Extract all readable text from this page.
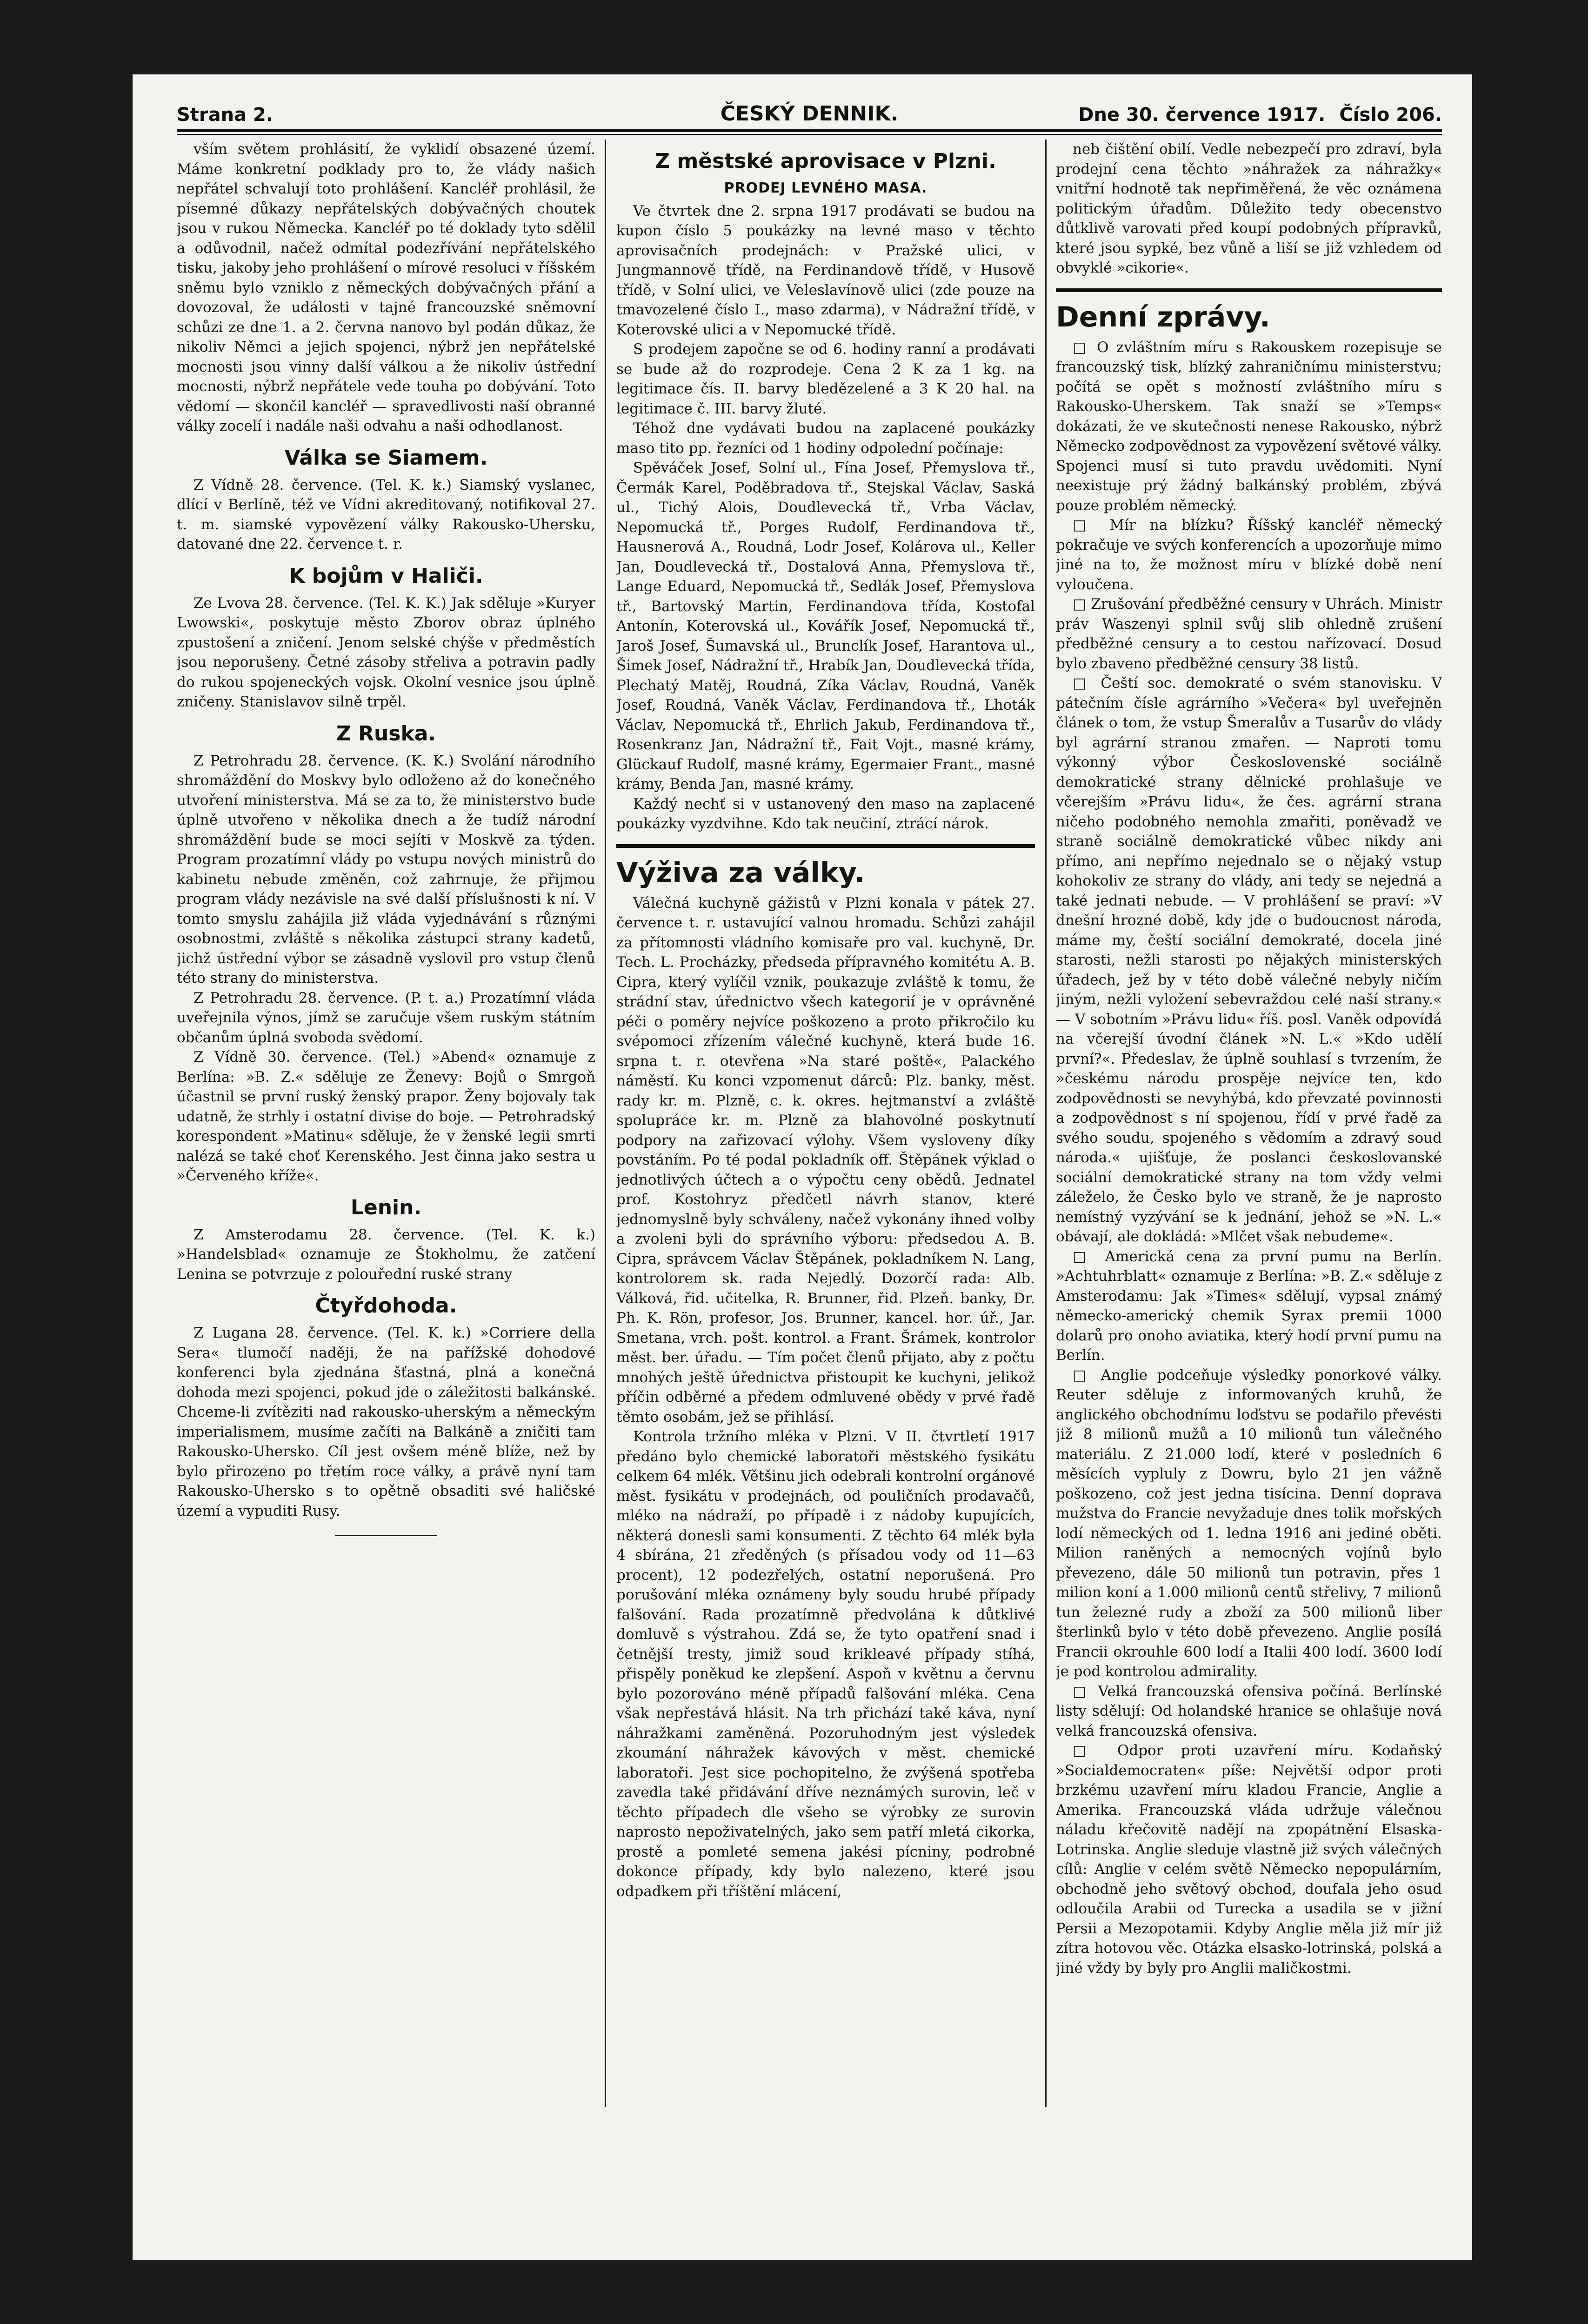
Strana 2.	ČESKÝ DENNIK.	Dne 30. července 1917. Číslo 206.

vším světem prohlásití, že vyklidí obsazené území. Máme konkretní podklady pro to, že vlády našich nepřátel schvalují toto prohlášení. Kancléř prohlásil, že písemné důkazy nepřátelských dobývačných choutek jsou v rukou Německa. Kancléř po té doklady tyto sdělil a odůvodnil, načež odmítal podezřívání nepřátelského tisku, jakoby jeho prohlášení o mírové resoluci v říšském sněmu bylo vzniklo z německých dobývačných přání a dovozoval, že události v tajné francouzské sněmovní schůzi ze dne 1. a 2. června nanovo byl podán důkaz, že nikoliv Němci a jejich spojenci, nýbrž jen nepřátelské mocnosti jsou vinny další válkou a že nikoliv ústřední mocnosti, nýbrž nepřátele vede touha po dobývání. Toto vědomí — skončil kancléř — spravedlivosti naší obranné války zocelí i nadále naši odvahu a naši odhodlanost.

Válka se Siamem.

Z Vídně 28. července. (Tel. K. k.) Siamský vyslanec, dlící v Berlíně, též ve Vídni akreditovaný, notifikoval 27. t. m. siamské vypovězení války Rakousko-Uhersku, datované dne 22. července t. r.

K bojům v Haliči.

Ze Lvova 28. července. (Tel. K. K.) Jak sděluje »Kuryer Lwowski«, poskytuje město Zborov obraz úplného zpustošení a zničení. Jenom selské chýše v předměstích jsou neporušeny. Četné zásoby střeliva a potravin padly do rukou spojeneckých vojsk. Okolní vesnice jsou úplně zničeny. Stanislavov silně trpěl.

Z Ruska.

Z Petrohradu 28. července. (K. K.) Svolání národního shromáždění do Moskvy bylo odloženo až do konečného utvoření ministerstva. Má se za to, že ministerstvo bude úplně utvořeno v několika dnech a že tudíž národní shromáždění bude se moci sejíti v Moskvě za týden. Program prozatímní vlády po vstupu nových ministrů do kabinetu nebude změněn, což zahrnuje, že přijmou program vlády nezávisle na své další příslušnosti k ní. V tomto smyslu zahájila již vláda vyjednávání s různými osobnostmi, zvláště s několika zástupci strany kadetů, jichž ústřední výbor se zásadně vyslovil pro vstup členů této strany do ministerstva.

Z Petrohradu 28. července. (P. t. a.) Prozatímní vláda uveřejnila výnos, jímž se zaručuje všem ruským státním občanům úplná svoboda svědomí.

Z Vídně 30. července. (Tel.) »Abend« oznamuje z Berlína: »B. Z.« sděluje ze Ženevy: Bojů o Smrgoň účastnil se první ruský ženský prapor. Ženy bojovaly tak udatně, že strhly i ostatní divise do boje. — Petrohradský korespondent »Matinu« sděluje, že v ženské legii smrti nalézá se také choť Kerenského. Jest činna jako sestra u »Červeného kříže«.

Lenin.

Z Amsterodamu 28. července. (Tel. K. k.) »Handelsblad« oznamuje ze Štokholmu, že zatčení Lenina se potvrzuje z polouřední ruské strany

Čtyřdohoda.

Z Lugana 28. července. (Tel. K. k.) »Corriere della Sera« tlumočí naději, že na pařížské dohodové konferenci byla zjednána šťastná, plná a konečná dohoda mezi spojenci, pokud jde o záležitosti balkánské. Chceme-li zvítěziti nad rakousko-uherským a německým imperialismem, musíme začíti na Balkáně a zničiti tam Rakousko-Uhersko. Cíl jest ovšem méně blíže, než by bylo přirozeno po třetím roce války, a právě nyní tam Rakousko-Uhersko s to opětně obsaditi své haličské území a vypuditi Rusy.

Z městské aprovisace v Plzni.
PRODEJ LEVNÉHO MASA.

Ve čtvrtek dne 2. srpna 1917 prodávati se budou na kupon číslo 5 poukázky na levné maso v těchto aprovisačních prodejnách: v Pražské ulici, v Jungmannově třídě, na Ferdinandově třídě, v Husově třídě, v Solní ulici, ve Veleslavínově ulici (zde pouze na tmavozelené číslo I., maso zdarma), v Nádražní třídě, v Koterovské ulici a v Nepomucké třídě.

S prodejem započne se od 6. hodiny ranní a prodávati se bude až do rozprodeje. Cena 2 K za 1 kg. na legitimace čís. II. barvy bledězelené a 3 K 20 hal. na legitimace č. III. barvy žluté.

Téhož dne vydávati budou na zaplacené poukázky maso tito pp. řezníci od 1 hodiny odpolední počínaje:

Spěváček Josef, Solní ul., Fína Josef, Přemyslova tř., Čermák Karel, Poděbradova tř., Stejskal Václav, Saská ul., Tichý Alois, Doudlevecká tř., Vrba Václav, Nepomucká tř., Porges Rudolf, Ferdinandova tř., Hausnerová A., Roudná, Lodr Josef, Kolárova ul., Keller Jan, Doudlevecká tř., Dostalová Anna, Přemyslova tř., Lange Eduard, Nepomucká tř., Sedlák Josef, Přemyslova tř., Bartovský Martin, Ferdinandova třída, Kostofal Antonín, Koterovská ul., Kovářík Josef, Nepomucká tř., Jaroš Josef, Šumavská ul., Brunclík Josef, Harantova ul., Šimek Josef, Nádražní tř., Hrabík Jan, Doudlevecká třída, Plechatý Matěj, Roudná, Zíka Václav, Roudná, Vaněk Josef, Roudná, Vaněk Václav, Ferdinandova tř., Lhoták Václav, Nepomucká tř., Ehrlich Jakub, Ferdinandova tř., Rosenkranz Jan, Nádražní tř., Fait Vojt., masné krámy, Glückauf Rudolf, masné krámy, Egermaier Frant., masné krámy, Benda Jan, masné krámy.

Každý nechť si v ustanovený den maso na zaplacené poukázky vyzdvihne. Kdo tak neučiní, ztrácí nárok.

Výživa za války.

Válečná kuchyně gážistů v Plzni konala v pátek 27. července t. r. ustavující valnou hromadu. Schůzi zahájil za přítomnosti vládního komisaře pro val. kuchyně, Dr. Tech. L. Procházky, předseda přípravného komitétu A. B. Cipra, který vylíčil vznik, poukazuje zvláště k tomu, že strádní stav, úřednictvo všech kategorií je v oprávněné péči o poměry nejvíce poškozeno a proto přikročilo ku svépomoci zřízením válečné kuchyně, která bude 16. srpna t. r. otevřena »Na staré poště«, Palackého náměstí. Ku konci vzpomenut dárců: Plz. banky, měst. rady kr. m. Plzně, c. k. okres. hejtmanství a zvláště spolupráce kr. m. Plzně za blahovolné poskytnutí podpory na zařizovací výlohy. Všem vysloveny díky povstáním. Po té podal pokladník off. Štěpánek výklad o jednotlivých účtech a o výpočtu ceny obědů. Jednatel prof. Kostohryz předčetl návrh stanov, které jednomyslně byly schváleny, načež vykonány ihned volby a zvoleni byli do správního výboru: předsedou A. B. Cipra, správcem Václav Štěpánek, pokladníkem N. Lang, kontrolorem sk. rada Nejedlý. Dozorčí rada: Alb. Válková, řid. učitelka, R. Brunner, řid. Plzeň. banky, Dr. Ph. K. Rön, profesor, Jos. Brunner, kancel. hor. úř., Jar. Smetana, vrch. pošt. kontrol. a Frant. Šrámek, kontrolor měst. ber. úřadu. — Tím počet členů přijato, aby z počtu mnohých ještě úřednictva přistoupit ke kuchyni, jelikož příčin odběrné a předem odmluvené obědy v prvé řadě těmto osobám, jež se přihlásí.

Kontrola tržního mléka v Plzni. V II. čtvrtletí 1917 předáno bylo chemické laboratoři městského fysikátu celkem 64 mlék. Většinu jich odebrali kontrolní orgánové měst. fysikátu v prodejnách, od pouličních prodavačů, mléko na nádraží, po případě i z nádoby kupujících, některá donesli sami konsumenti. Z těchto 64 mlék byla 4 sbírána, 21 zředěných (s přísadou vody od 11—63 procent), 12 podezřelých, ostatní neporušená. Pro porušování mléka oznámeny byly soudu hrubé případy falšování. Rada prozatímně předvolána k důtklivé domluvě s výstrahou. Zdá se, že tyto opatření snad i četnější tresty, jimiž soud krikleavé případy stíhá, přispěly poněkud ke zlepšení. Aspoň v květnu a červnu bylo pozorováno méně případů falšování mléka. Cena však nepřestává hlásit. Na trh přichází také káva, nyní náhražkami zaměněná. Pozoruhodným jest výsledek zkoumání náhražek kávových v měst. chemické laboratoři. Jest sice pochopitelno, že zvýšená spotřeba zavedla také přidávání dříve neznámých surovin, leč v těchto případech dle všeho se výrobky ze surovin naprosto nepoživatelných, jako sem patří mletá cikorka, prostě a pomleté semena jakési pícniny, podrobné dokonce případy, kdy bylo nalezeno, které jsou odpadkem při tříštění mlácení,

neb čištění obilí. Vedle nebezpečí pro zdraví, byla prodejní cena těchto »náhražek za náhražky« vnitřní hodnotě tak nepřiměřená, že věc oznámena politickým úřadům. Důležito tedy obecenstvo důtklivě varovati před koupí podobných přípravků, které jsou sypké, bez vůně a liší se již vzhledem od obvyklé »cikorie«.

Denní zprávy.

□ O zvláštním míru s Rakouskem rozepisuje se francouzský tisk, blízký zahraničnímu ministerstvu; počítá se opět s možností zvláštního míru s Rakousko-Uherskem. Tak snaží se »Temps« dokázati, že ve skutečnosti nenese Rakousko, nýbrž Německo zodpovědnost za vypovězení světové války. Spojenci musí si tuto pravdu uvědomiti. Nyní neexistuje prý žádný balkánský problém, zbývá pouze problém německý.

□ Mír na blízku? Říšský kancléř německý pokračuje ve svých konferencích a upozorňuje mimo jiné na to, že možnost míru v blízké době není vyloučena.

□ Zrušování předběžné censury v Uhrách. Ministr práv Waszenyi splnil svůj slib ohledně zrušení předběžné censury a to cestou nařízovací. Dosud bylo zbaveno předběžné censury 38 listů.

□ Čeští soc. demokraté o svém stanovisku. V pátečním čísle agrárního »Večera« byl uveřejněn článek o tom, že vstup Šmeralův a Tusarův do vlády byl agrární stranou zmařen. — Naproti tomu výkonný výbor Československé sociálně demokratické strany dělnické prohlašuje ve včerejším »Právu lidu«, že čes. agrární strana ničeho podobného nemohla zmařiti, poněvadž ve straně sociálně demokratické vůbec nikdy ani přímo, ani nepřímo nejednalo se o nějaký vstup kohokoliv ze strany do vlády, ani tedy se nejedná a také jednati nebude. — V prohlášení se praví: »V dnešní hrozné době, kdy jde o budoucnost národa, máme my, čeští sociální demokraté, docela jiné starosti, nežli starosti po nějakých ministerských úřadech, jež by v této době válečné nebyly ničím jiným, nežli vyložení sebevraždou celé naší strany.« — V sobotním »Právu lidu« říš. posl. Vaněk odpovídá na včerejší úvodní článek »N. L.« »Kdo udělí první?«. Předeslav, že úplně souhlasí s tvrzením, že »českému národu prospěje nejvíce ten, kdo zodpovědnosti se nevyhýbá, kdo převzaté povinnosti a zodpovědnost s ní spojenou, řídí v prvé řadě za svého soudu, spojeného s vědomím a zdravý soud národa.« ujišťuje, že poslanci českoslovanské sociální demokratické strany na tom vždy velmi záleželo, že Česko bylo ve straně, že je naprosto nemístný vyzývání se k jednání, jehož se »N. L.« obávají, ale dokládá: »Mlčet však nebudeme«.

□ Americká cena za první pumu na Berlín. »Achtuhrblatt« oznamuje z Berlína: »B. Z.« sděluje z Amsterodamu: Jak »Times« sdělují, vypsal známý německo-americký chemik Syrax premii 1000 dolarů pro onoho aviatika, který hodí první pumu na Berlín.

□ Anglie podceňuje výsledky ponorkové války. Reuter sděluje z informovaných kruhů, že anglického obchodnímu loďstvu se podařilo převésti již 8 milionů mužů a 10 milionů tun válečného materiálu. Z 21.000 lodí, které v posledních 6 měsících vypluly z Dowru, bylo 21 jen vážně poškozeno, což jest jedna tisícina. Denní doprava mužstva do Francie nevyžaduje dnes tolik mořských lodí německých od 1. ledna 1916 ani jediné oběti. Milion raněných a nemocných vojínů bylo převezeno, dále 50 milionů tun potravin, přes 1 milion koní a 1.000 milionů centů střelivy, 7 milionů tun železné rudy a zboží za 500 milionů liber šterlinků bylo v této době převezeno. Anglie posílá Francii okrouhle 600 lodí a Italii 400 lodí. 3600 lodí je pod kontrolou admirality.

□ Velká francouzská ofensiva počíná. Berlínské listy sdělují: Od holandské hranice se ohlašuje nová velká francouzská ofensiva.

□ Odpor proti uzavření míru. Kodaňský »Socialdemocraten« píše: Největší odpor proti brzkému uzavření míru kladou Francie, Anglie a Amerika. Francouzská vláda udržuje válečnou náladu křečovitě nadějí na zpopátnění Elsaska-Lotrinska. Anglie sleduje vlastně již svých válečných cílů: Anglie v celém světě Německo nepopulárním, obchodně jeho světový obchod, doufala jeho osud odloučila Arabii od Turecka a usadila se v jižní Persii a Mezopotamii. Kdyby Anglie měla již mír již zítra hotovou věc. Otázka elsasko-lotrinská, polská a jiné vždy by byly pro Anglii maličkostmi.
